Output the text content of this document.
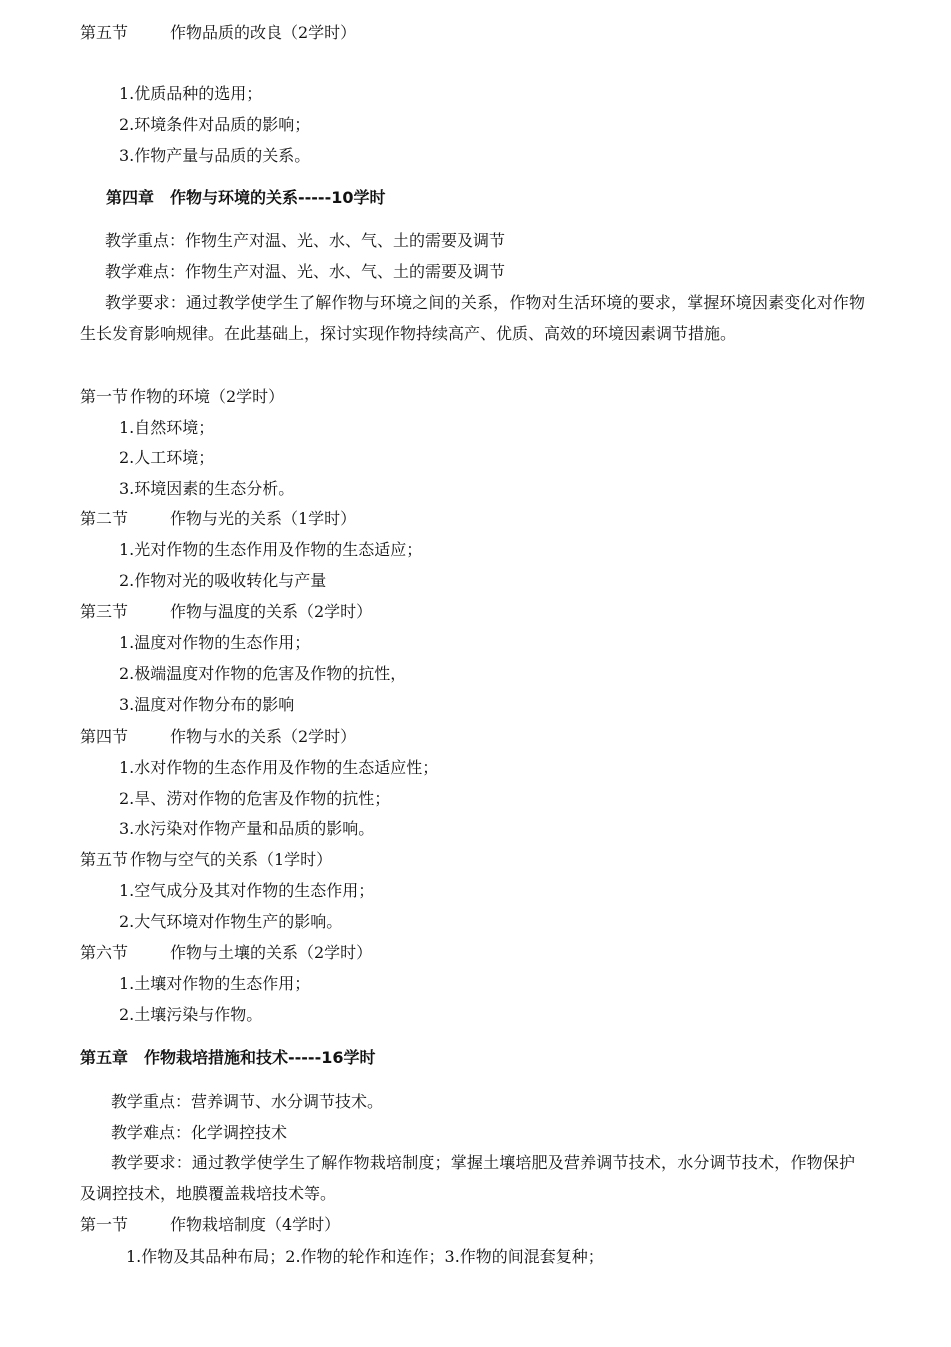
第五节	作物品质的改良（2学时）
1.优质品种的选用；
2.环境条件对品质的影响；
3.作物产量与品质的关系。
第四章　作物与环境的关系-----10学时
教学重点：作物生产对温、光、水、气、土的需要及调节
教学难点：作物生产对温、光、水、气、土的需要及调节
教学要求：通过教学使学生了解作物与环境之间的关系，作物对生活环境的要求，掌握环境因素变化对作物生长发育影响规律。在此基础上，探讨实现作物持续高产、优质、高效的环境因素调节措施。
第一节 作物的环境（2学时）
1.自然环境；
2.人工环境；
3.环境因素的生态分析。
第二节	作物与光的关系（1学时）
1.光对作物的生态作用及作物的生态适应；
2.作物对光的吸收转化与产量
第三节	作物与温度的关系（2学时）
1.温度对作物的生态作用；
2.极端温度对作物的危害及作物的抗性，
3.温度对作物分布的影响
第四节	作物与水的关系（2学时）
1.水对作物的生态作用及作物的生态适应性；
2.旱、涝对作物的危害及作物的抗性；
3.水污染对作物产量和品质的影响。
第五节 作物与空气的关系（1学时）
1.空气成分及其对作物的生态作用；
2.大气环境对作物生产的影响。
第六节	作物与土壤的关系（2学时）
1.土壤对作物的生态作用；
2.土壤污染与作物。
第五章　作物栽培措施和技术-----16学时
教学重点：营养调节、水分调节技术。
教学难点：化学调控技术
教学要求：通过教学使学生了解作物栽培制度；掌握土壤培肥及营养调节技术，水分调节技术，作物保护及调控技术，地膜覆盖栽培技术等。
第一节	作物栽培制度（4学时）
1.作物及其品种布局；2.作物的轮作和连作；3.作物的间混套复种；
